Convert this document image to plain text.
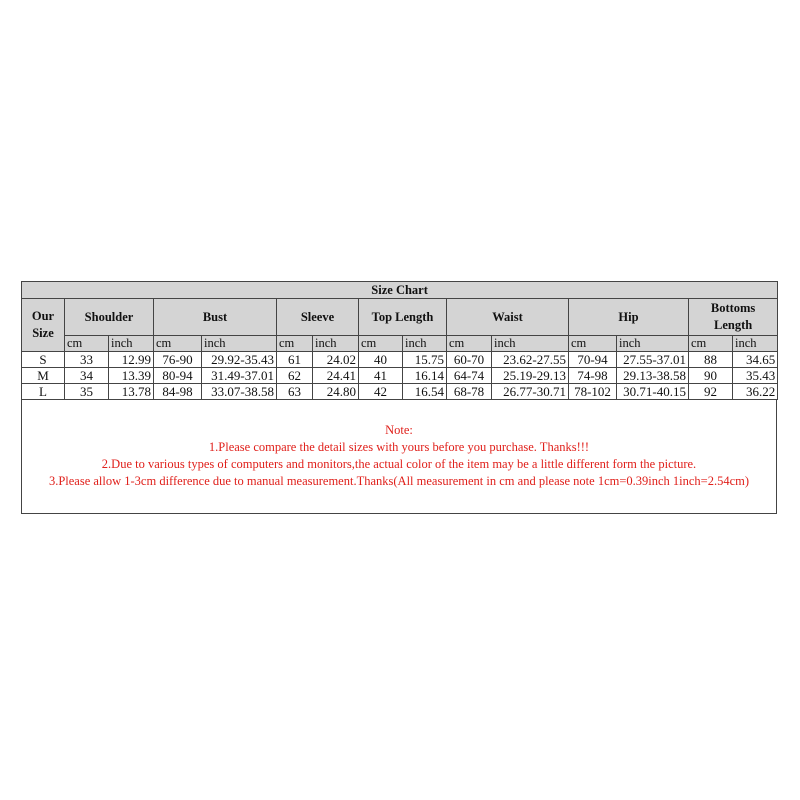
Size Chart														
Our Size	Shoulder		Bust		Sleeve		Top Length		Waist		Hip		Bottoms Length	
	cm	inch	cm	inch	cm	inch	cm	inch	cm	inch	cm	inch	cm	inch
S	33	12.99	76-90	29.92-35.43	61	24.02	40	15.75	60-70	23.62-27.55	70-94	27.55-37.01	88	34.65
M	34	13.39	80-94	31.49-37.01	62	24.41	41	16.14	64-74	25.19-29.13	74-98	29.13-38.58	90	35.43
L	35	13.78	84-98	33.07-38.58	63	24.80	42	16.54	68-78	26.77-30.71	78-102	30.71-40.15	92	36.22
Note:
1.Please compare the detail sizes with yours before you purchase. Thanks!!!
2.Due to various types of computers and monitors,the actual color of the item may be a little different form the picture.
3.Please allow 1-3cm difference due to manual measurement.Thanks(All measurement in cm and please note 1cm=0.39inch 1inch=2.54cm)
